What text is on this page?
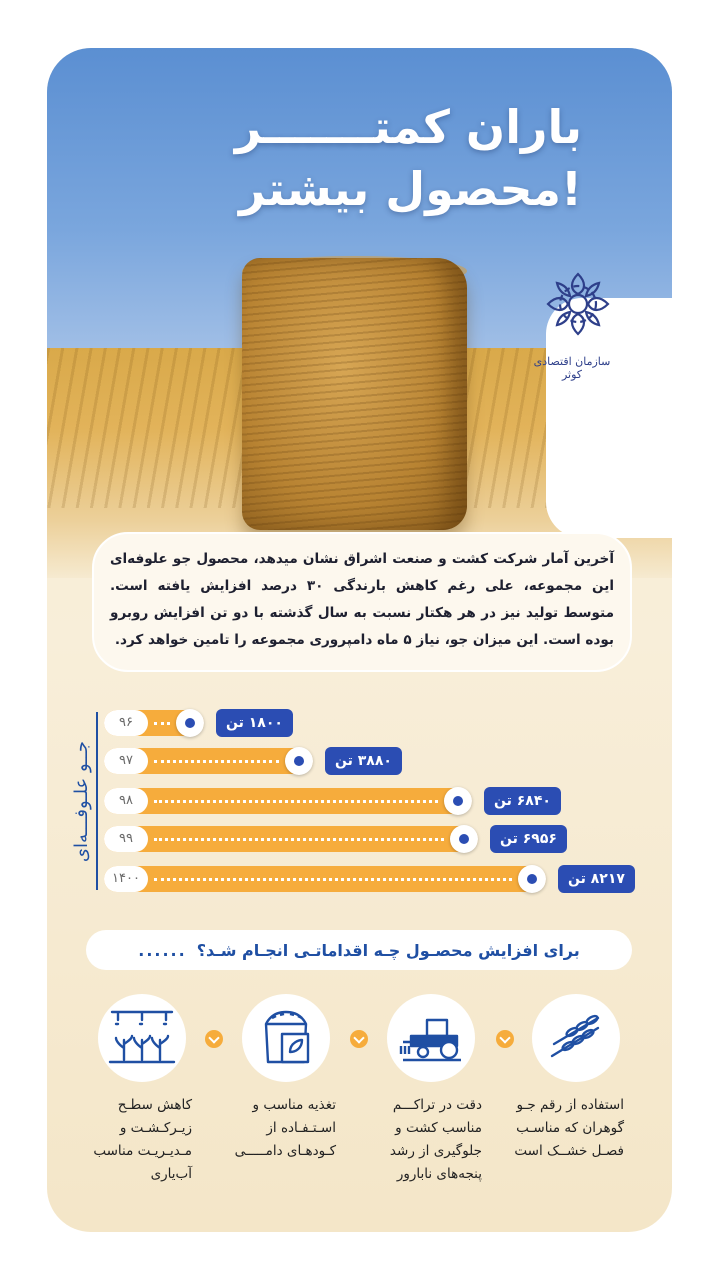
باران کمتـــــــر
محصول بیشتر!
سازمان اقتصادی کوثر
آخرین آمار شرکت کشت و صنعت اشراق نشان میدهد، محصول جو علوفه‌ای این مجموعه، علی رغم کاهش بارندگی ۳۰ درصد افزایش یافته است. متوسط تولید نیز در هر هکتار نسبت به سال گذشته با دو تن افزایش روبرو بوده است. این میزان جو، نیاز ۵ ماه دامپروری مجموعه را تامین خواهد کرد.
جــو علـوفـــه‌ای
۹۶	۱۸۰۰ تن
۹۷	۳۸۸۰ تن
۹۸	۶۸۴۰ تن
۹۹	۶۹۵۶ تن
۱۴۰۰	۸۲۱۷ تن
برای افزایش محصـول چـه اقداماتـی انجـام شـد؟
......
استفاده از رقم جـو گوهران که مناسـب فصـل خشــک است
دقت در تراکـــم مناسب کشت و جلوگیری از رشد پنجه‌های نابارور
تغذیه مناسب و اسـتـفـاده از کـودهـای دامـــــی
کاهش سطـح زیـرکـشـت و مـدیـریـت مناسب آب‌یاری
